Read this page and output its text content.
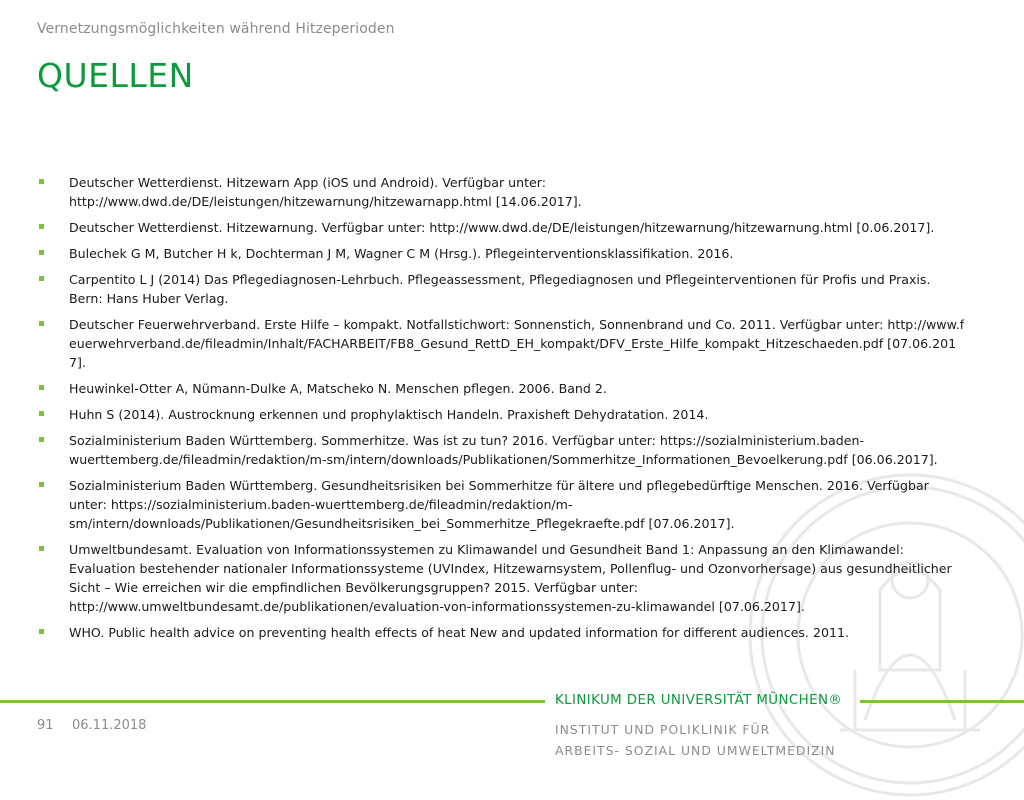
Vernetzungsmöglichkeiten während Hitzeperioden
QUELLEN
Deutscher Wetterdienst. Hitzewarn App (iOS und Android). Verfügbar unter: http://www.dwd.de/DE/leistungen/hitzewarnung/hitzewarnapp.html [14.06.2017].
Deutscher Wetterdienst. Hitzewarnung. Verfügbar unter: http://www.dwd.de/DE/leistungen/hitzewarnung/hitzewarnung.html [0.06.2017].
Bulechek G M, Butcher H k, Dochterman J M, Wagner C M (Hrsg.). Pflegeinterventionsklassifikation. 2016.
Carpentito L J (2014) Das Pflegediagnosen-Lehrbuch. Pflegeassessment, Pflegediagnosen und Pflegeinterventionen für Profis und Praxis. Bern: Hans Huber Verlag.
Deutscher Feuerwehrverband. Erste Hilfe – kompakt. Notfallstichwort: Sonnenstich, Sonnenbrand und Co. 2011. Verfügbar unter: http://www.feuerwehrverband.de/fileadmin/Inhalt/FACHARBEIT/FB8_Gesund_RettD_EH_kompakt/DFV_Erste_Hilfe_kompakt_Hitzeschaeden.pdf [07.06.2017].
Heuwinkel-Otter A, Nümann-Dulke A, Matscheko N. Menschen pflegen. 2006. Band 2.
Huhn S (2014). Austrocknung erkennen und prophylaktisch Handeln. Praxisheft Dehydratation. 2014.
Sozialministerium Baden Württemberg. Sommerhitze. Was ist zu tun? 2016. Verfügbar unter: https://sozialministerium.baden-wuerttemberg.de/fileadmin/redaktion/m-sm/intern/downloads/Publikationen/Sommerhitze_Informationen_Bevoelkerung.pdf [06.06.2017].
Sozialministerium Baden Württemberg. Gesundheitsrisiken bei Sommerhitze für ältere und pflegebedürftige Menschen. 2016. Verfügbar unter: https://sozialministerium.baden-wuerttemberg.de/fileadmin/redaktion/m-sm/intern/downloads/Publikationen/Gesundheitsrisiken_bei_Sommerhitze_Pflegekraefte.pdf [07.06.2017].
Umweltbundesamt. Evaluation von Informationssystemen zu Klimawandel und Gesundheit Band 1: Anpassung an den Klimawandel: Evaluation bestehender nationaler Informationssysteme (UVIndex, Hitzewarnsystem, Pollenflug- und Ozonvorhersage) aus gesundheitlicher Sicht – Wie erreichen wir die empfindlichen Bevölkerungsgruppen? 2015. Verfügbar unter: http://www.umweltbundesamt.de/publikationen/evaluation-von-informationssystemen-zu-klimawandel [07.06.2017].
WHO. Public health advice on preventing health effects of heat New and updated information for different audiences. 2011.
KLINIKUM DER UNIVERSITÄT MÜNCHEN®
91 06.11.2018	INSTITUT UND POLIKLINIK FÜR
ARBEITS- SOZIAL UND UMWELTMEDIZIN
